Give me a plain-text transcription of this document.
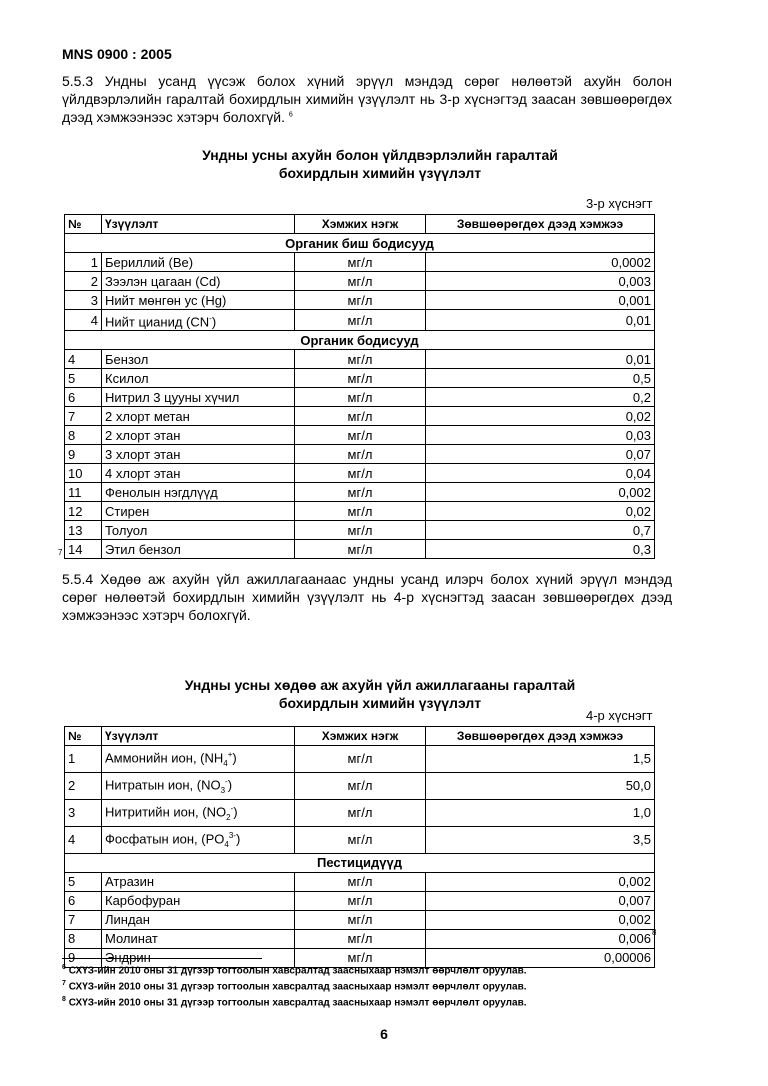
MNS 0900 : 2005
5.5.3 Ундны усанд үүсэж болох хүний эрүүл мэндэд сөрөг нөлөөтэй ахуйн болон үйлдвэрлэлийн гаралтай бохирдлын химийн үзүүлэлт нь 3-р хүснэгтэд заасан зөвшөөрөгдөх дээд хэмжээнээс хэтэрч болохгүй. $^6$
Ундны усны ахуйн болон үйлдвэрлэлийн гаралтай
бохирдлын химийн үзүүлэлт
3-р хүснэгт
№	Үзүүлэлт	Хэмжих нэгж	Зөвшөөрөгдөх дээд хэмжээ
Органик биш бодисууд			
1	Бериллий (Be)	мг/л	0,0002
2	Зээлэн цагаан (Cd)	мг/л	0,003
3	Нийт мөнгөн ус (Hg)	мг/л	0,001
4	Нийт цианид (CN-)	мг/л	0,01
Органик бодисууд			
4	Бензол	мг/л	0,01
5	Ксилол	мг/л	0,5
6	Нитрил 3 цууны хүчил	мг/л	0,2
7	2 хлорт метан	мг/л	0,02
8	2 хлорт этан	мг/л	0,03
9	3 хлорт этан	мг/л	0,07
10	4 хлорт этан	мг/л	0,04
11	Фенолын нэгдлүүд	мг/л	0,002
12	Стирен	мг/л	0,02
13	Толуол	мг/л	0,7
14	Этил бензол	мг/л	0,3
7
5.5.4 Хөдөө аж ахуйн үйл ажиллагаанаас ундны усанд илэрч болох хүний эрүүл мэндэд сөрөг нөлөөтэй бохирдлын химийн үзүүлэлт нь 4-р хүснэгтэд заасан зөвшөөрөгдөх дээд хэмжээнээс хэтэрч болохгүй.
Ундны усны хөдөө аж ахуйн үйл ажиллагааны гаралтай
бохирдлын химийн үзүүлэлт
4-р хүснэгт
№	Үзүүлэлт	Хэмжих нэгж	Зөвшөөрөгдөх дээд хэмжээ
1	Аммонийн ион, $(NH_4^+)$	мг/л	1,5
2	Нитратын ион, $(NO_3^-)$	мг/л	50,0
3	Нитритийн ион, $(NO_2^-)$	мг/л	1,0
4	Фосфатын ион, $(PO_4^{3-})$	мг/л	3,5
Пестицидүүд			
5	Атразин	мг/л	0,002
6	Карбофуран	мг/л	0,007
7	Линдан	мг/л	0,002
8	Молинат	мг/л	0,006
9	Эндрин	мг/л	0,00006
8
$^6$ СХҮЗ-ийн 2010 оны 31 дүгээр тогтоолын хавсралтад заасныхаар нэмэлт өөрчлөлт оруулав.
$^7$ СХҮЗ-ийн 2010 оны 31 дүгээр тогтоолын хавсралтад заасныхаар нэмэлт өөрчлөлт оруулав.
$^8$ СХҮЗ-ийн 2010 оны 31 дүгээр тогтоолын хавсралтад заасныхаар нэмэлт өөрчлөлт оруулав.
6
